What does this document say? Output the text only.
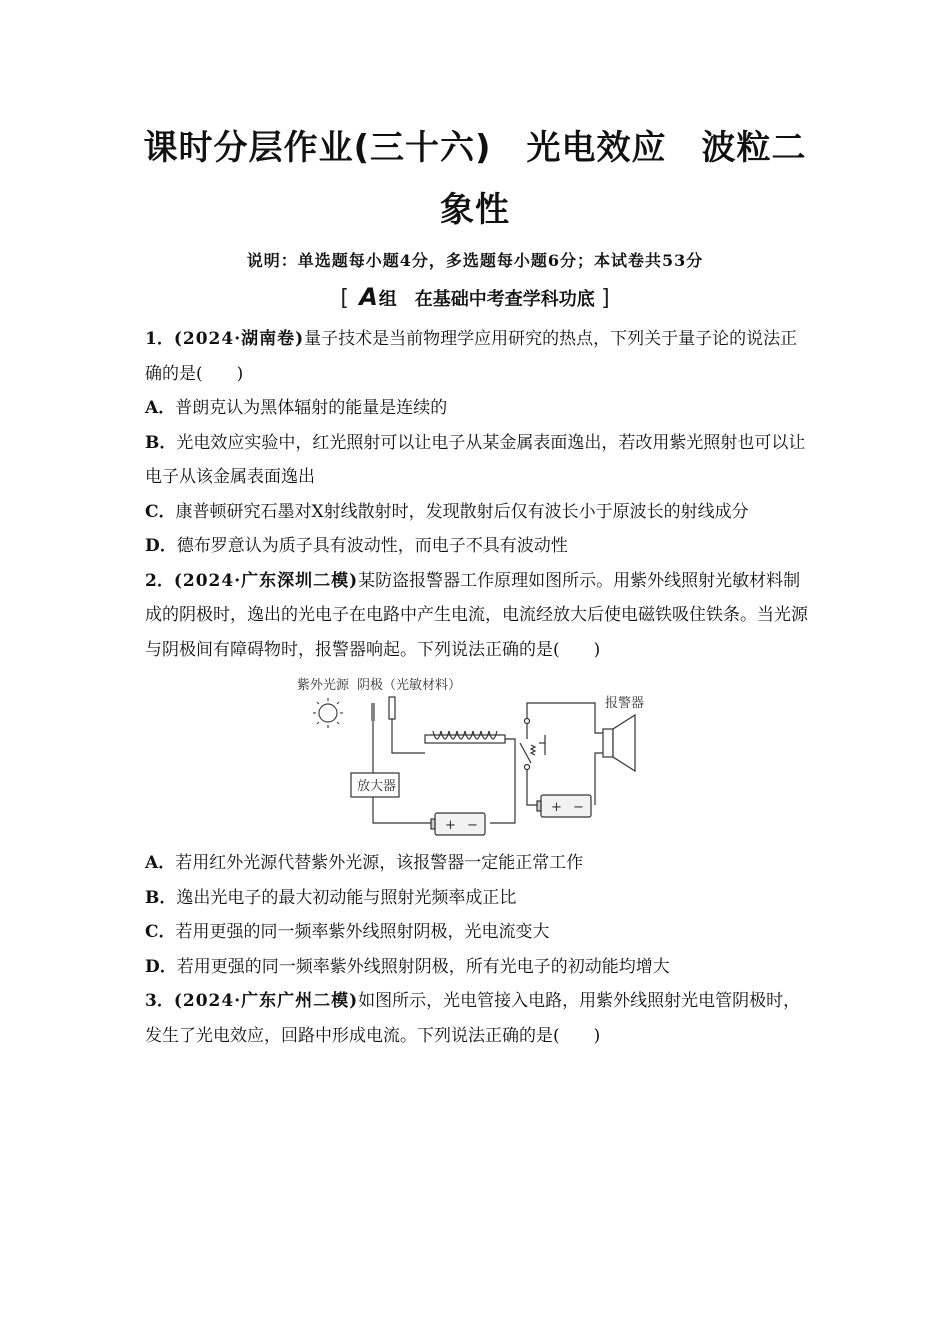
课时分层作业(三十六)　光电效应　波粒二
象性
说明：单选题每小题4分，多选题每小题6分；本试卷共53分
[ A 组　在基础中考查学科功底 ]

1．(2024·湖南卷)量子技术是当前物理学应用研究的热点，下列关于量子论的说法正确的是(　　)

A．普朗克认为黑体辐射的能量是连续的

B．光电效应实验中，红光照射可以让电子从某金属表面逸出，若改用紫光照射也可以让电子从该金属表面逸出

C．康普顿研究石墨对X射线散射时，发现散射后仅有波长小于原波长的射线成分

D．德布罗意认为质子具有波动性，而电子不具有波动性

2．(2024·广东深圳二模)某防盗报警器工作原理如图所示。用紫外线照射光敏材料制成的阴极时，逸出的光电子在电路中产生电流，电流经放大后使电磁铁吸住铁条。当光源与阴极间有障碍物时，报警器响起。下列说法正确的是(　　)

紫外光源 阴极（光敏材料）
报警器
放大器
+ −
+ −

A．若用红外光源代替紫外光源，该报警器一定能正常工作

B．逸出光电子的最大初动能与照射光频率成正比

C．若用更强的同一频率紫外线照射阴极，光电流变大

D．若用更强的同一频率紫外线照射阴极，所有光电子的初动能均增大

3．(2024·广东广州二模)如图所示，光电管接入电路，用紫外线照射光电管阴极时，发生了光电效应，回路中形成电流。下列说法正确的是(　　)
